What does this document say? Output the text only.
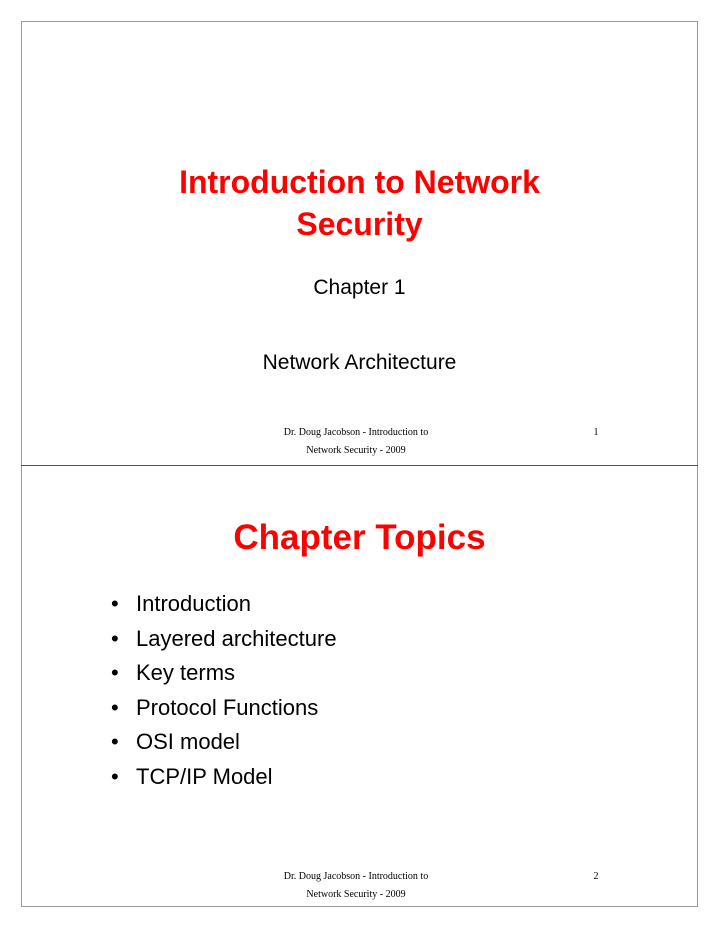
Introduction to Network
Security

Chapter 1

Network Architecture

Dr. Doug Jacobson - Introduction to
Network Security - 2009
1
Chapter Topics
• Introduction
• Layered architecture
• Key terms
• Protocol Functions
• OSI model
• TCP/IP Model
Dr. Doug Jacobson - Introduction to
Network Security - 2009
2
